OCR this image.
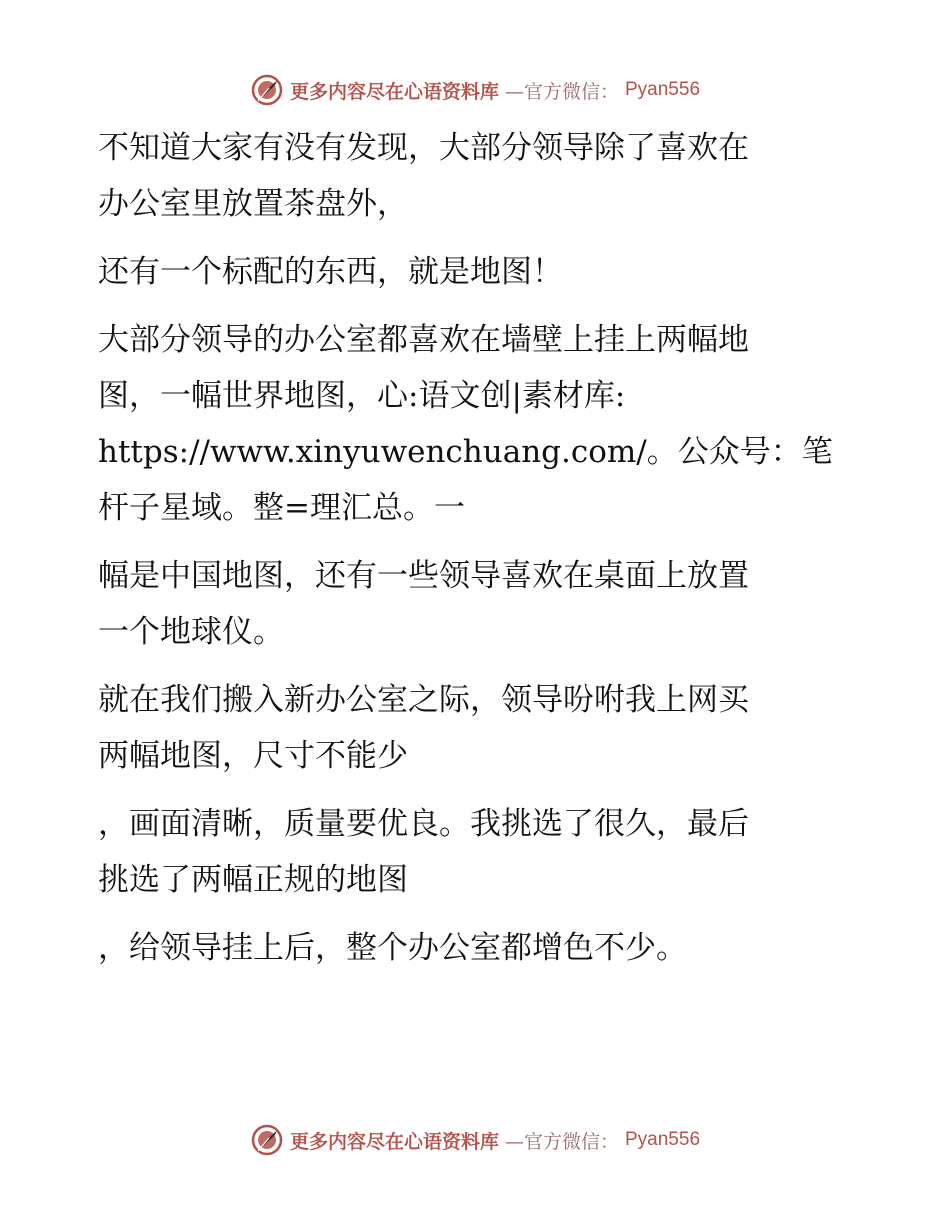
更多内容尽在心语资料库 —官方微信： Pyan556
不知道大家有没有发现，大部分领导除了喜欢在
办公室里放置茶盘外，
还有一个标配的东西，就是地图！
大部分领导的办公室都喜欢在墙壁上挂上两幅地
图，一幅世界地图，心:语文创|素材库:
https://www.xinyuwenchuang.com/。公众号：笔
杆子星域。整=理汇总。一
幅是中国地图，还有一些领导喜欢在桌面上放置
一个地球仪。
就在我们搬入新办公室之际，领导吩咐我上网买
两幅地图，尺寸不能少
，画面清晰，质量要优良。我挑选了很久，最后
挑选了两幅正规的地图
，给领导挂上后，整个办公室都增色不少。
更多内容尽在心语资料库 —官方微信： Pyan556
